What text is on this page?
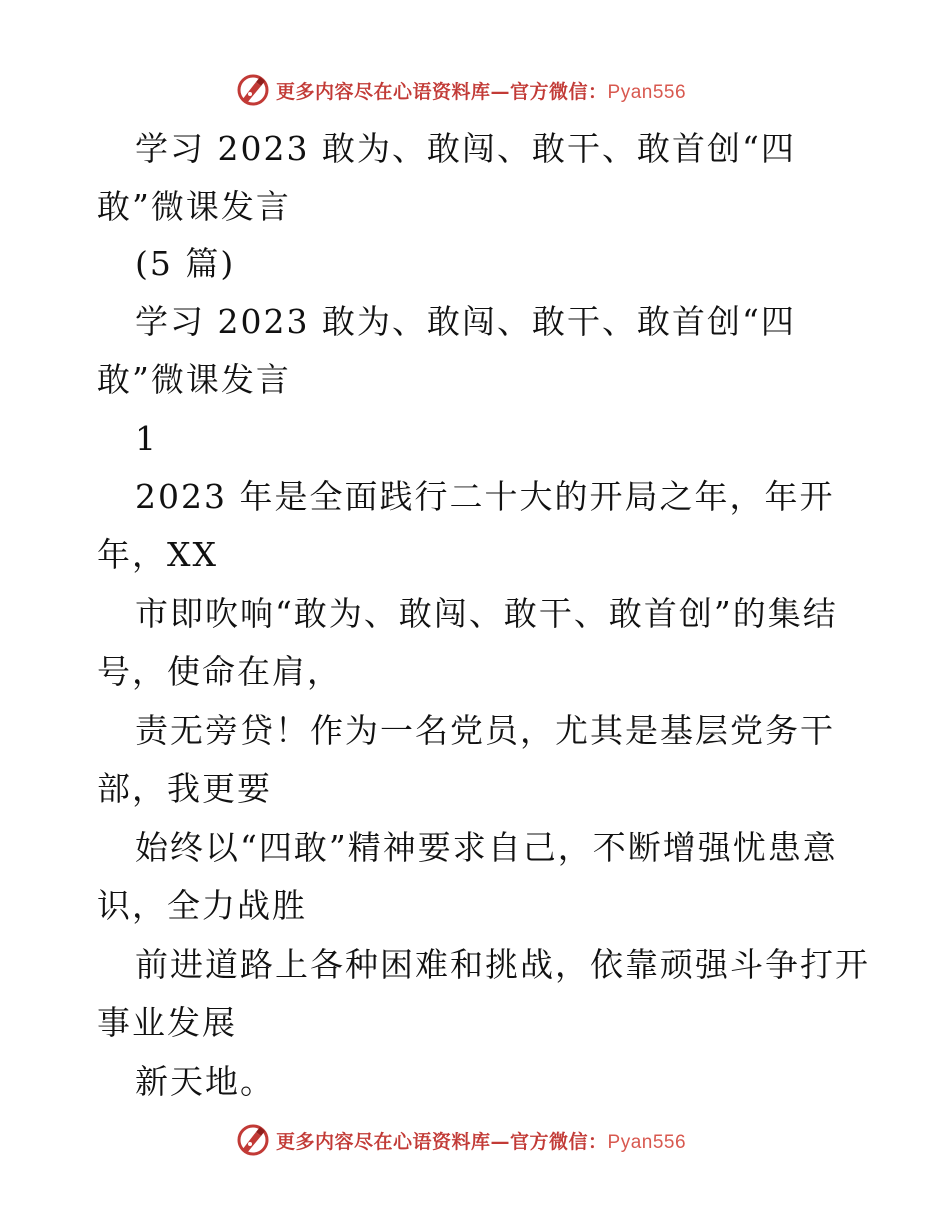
更多内容尽在心语资料库—官方微信：Pyan556
学习 2023 敢为、敢闯、敢干、敢首创“四
敢”微课发言
(5 篇)
学习 2023 敢为、敢闯、敢干、敢首创“四
敢”微课发言
1
2023 年是全面践行二十大的开局之年，年开
年，XX
市即吹响“敢为、敢闯、敢干、敢首创”的集结
号，使命在肩，
责无旁贷！作为一名党员，尤其是基层党务干
部，我更要
始终以“四敢”精神要求自己，不断增强忧患意
识，全力战胜
前进道路上各种困难和挑战，依靠顽强斗争打开
事业发展
新天地。
更多内容尽在心语资料库—官方微信：Pyan556
